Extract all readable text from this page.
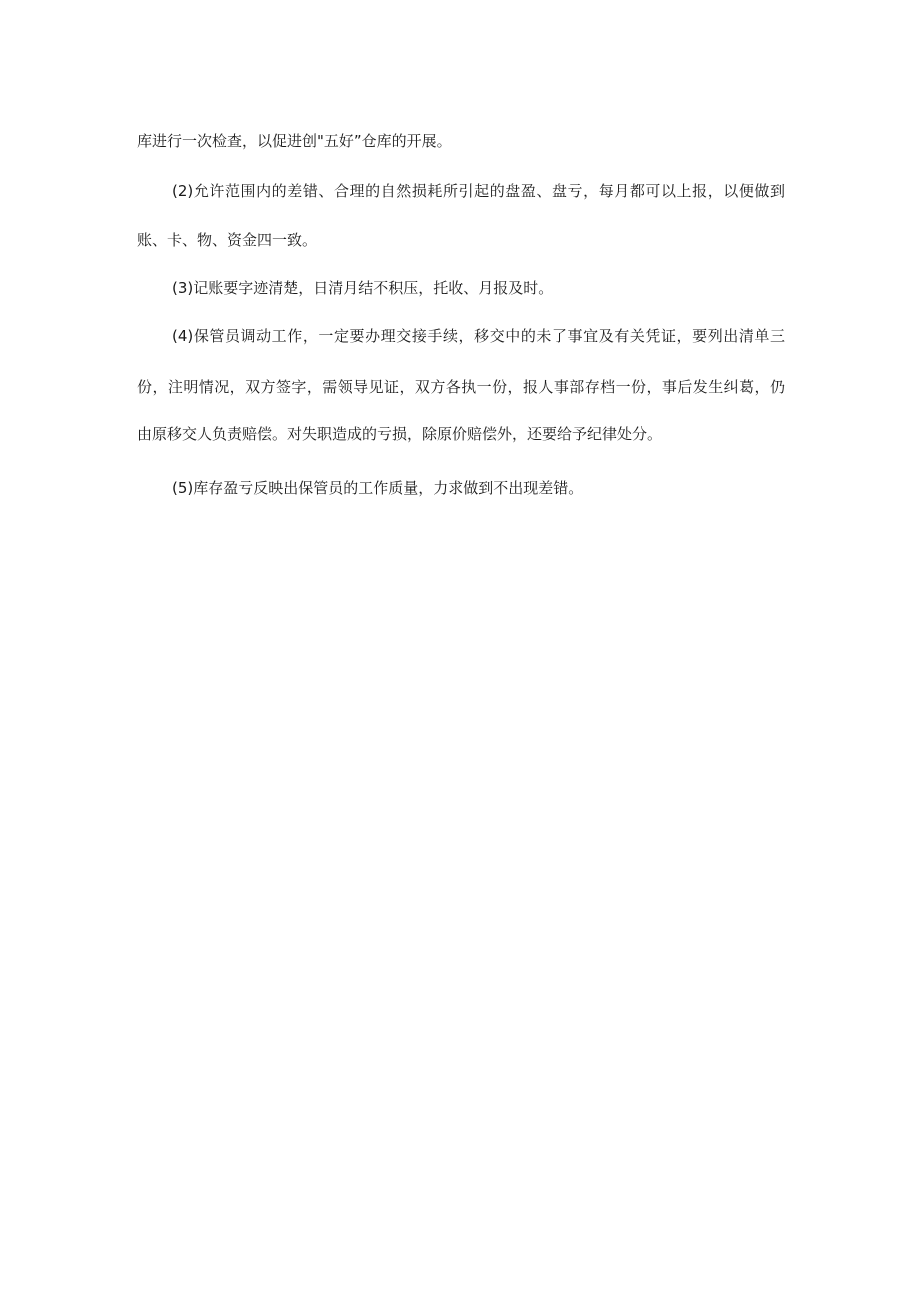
库进行一次检查，以促进创"五好”仓库的开展。
(2)允许范围内的差错、合理的自然损耗所引起的盘盈、盘亏，每月都可以上报，以便做到
账、卡、物、资金四一致。
(3)记账要字迹清楚，日清月结不积压，托收、月报及时。
(4)保管员调动工作，一定要办理交接手续，移交中的未了事宜及有关凭证，要列出清单三
份，注明情况，双方签字，需领导见证，双方各执一份，报人事部存档一份，事后发生纠葛，仍
由原移交人负责赔偿。对失职造成的亏损，除原价赔偿外，还要给予纪律处分。
(5)库存盈亏反映出保管员的工作质量，力求做到不出现差错。
